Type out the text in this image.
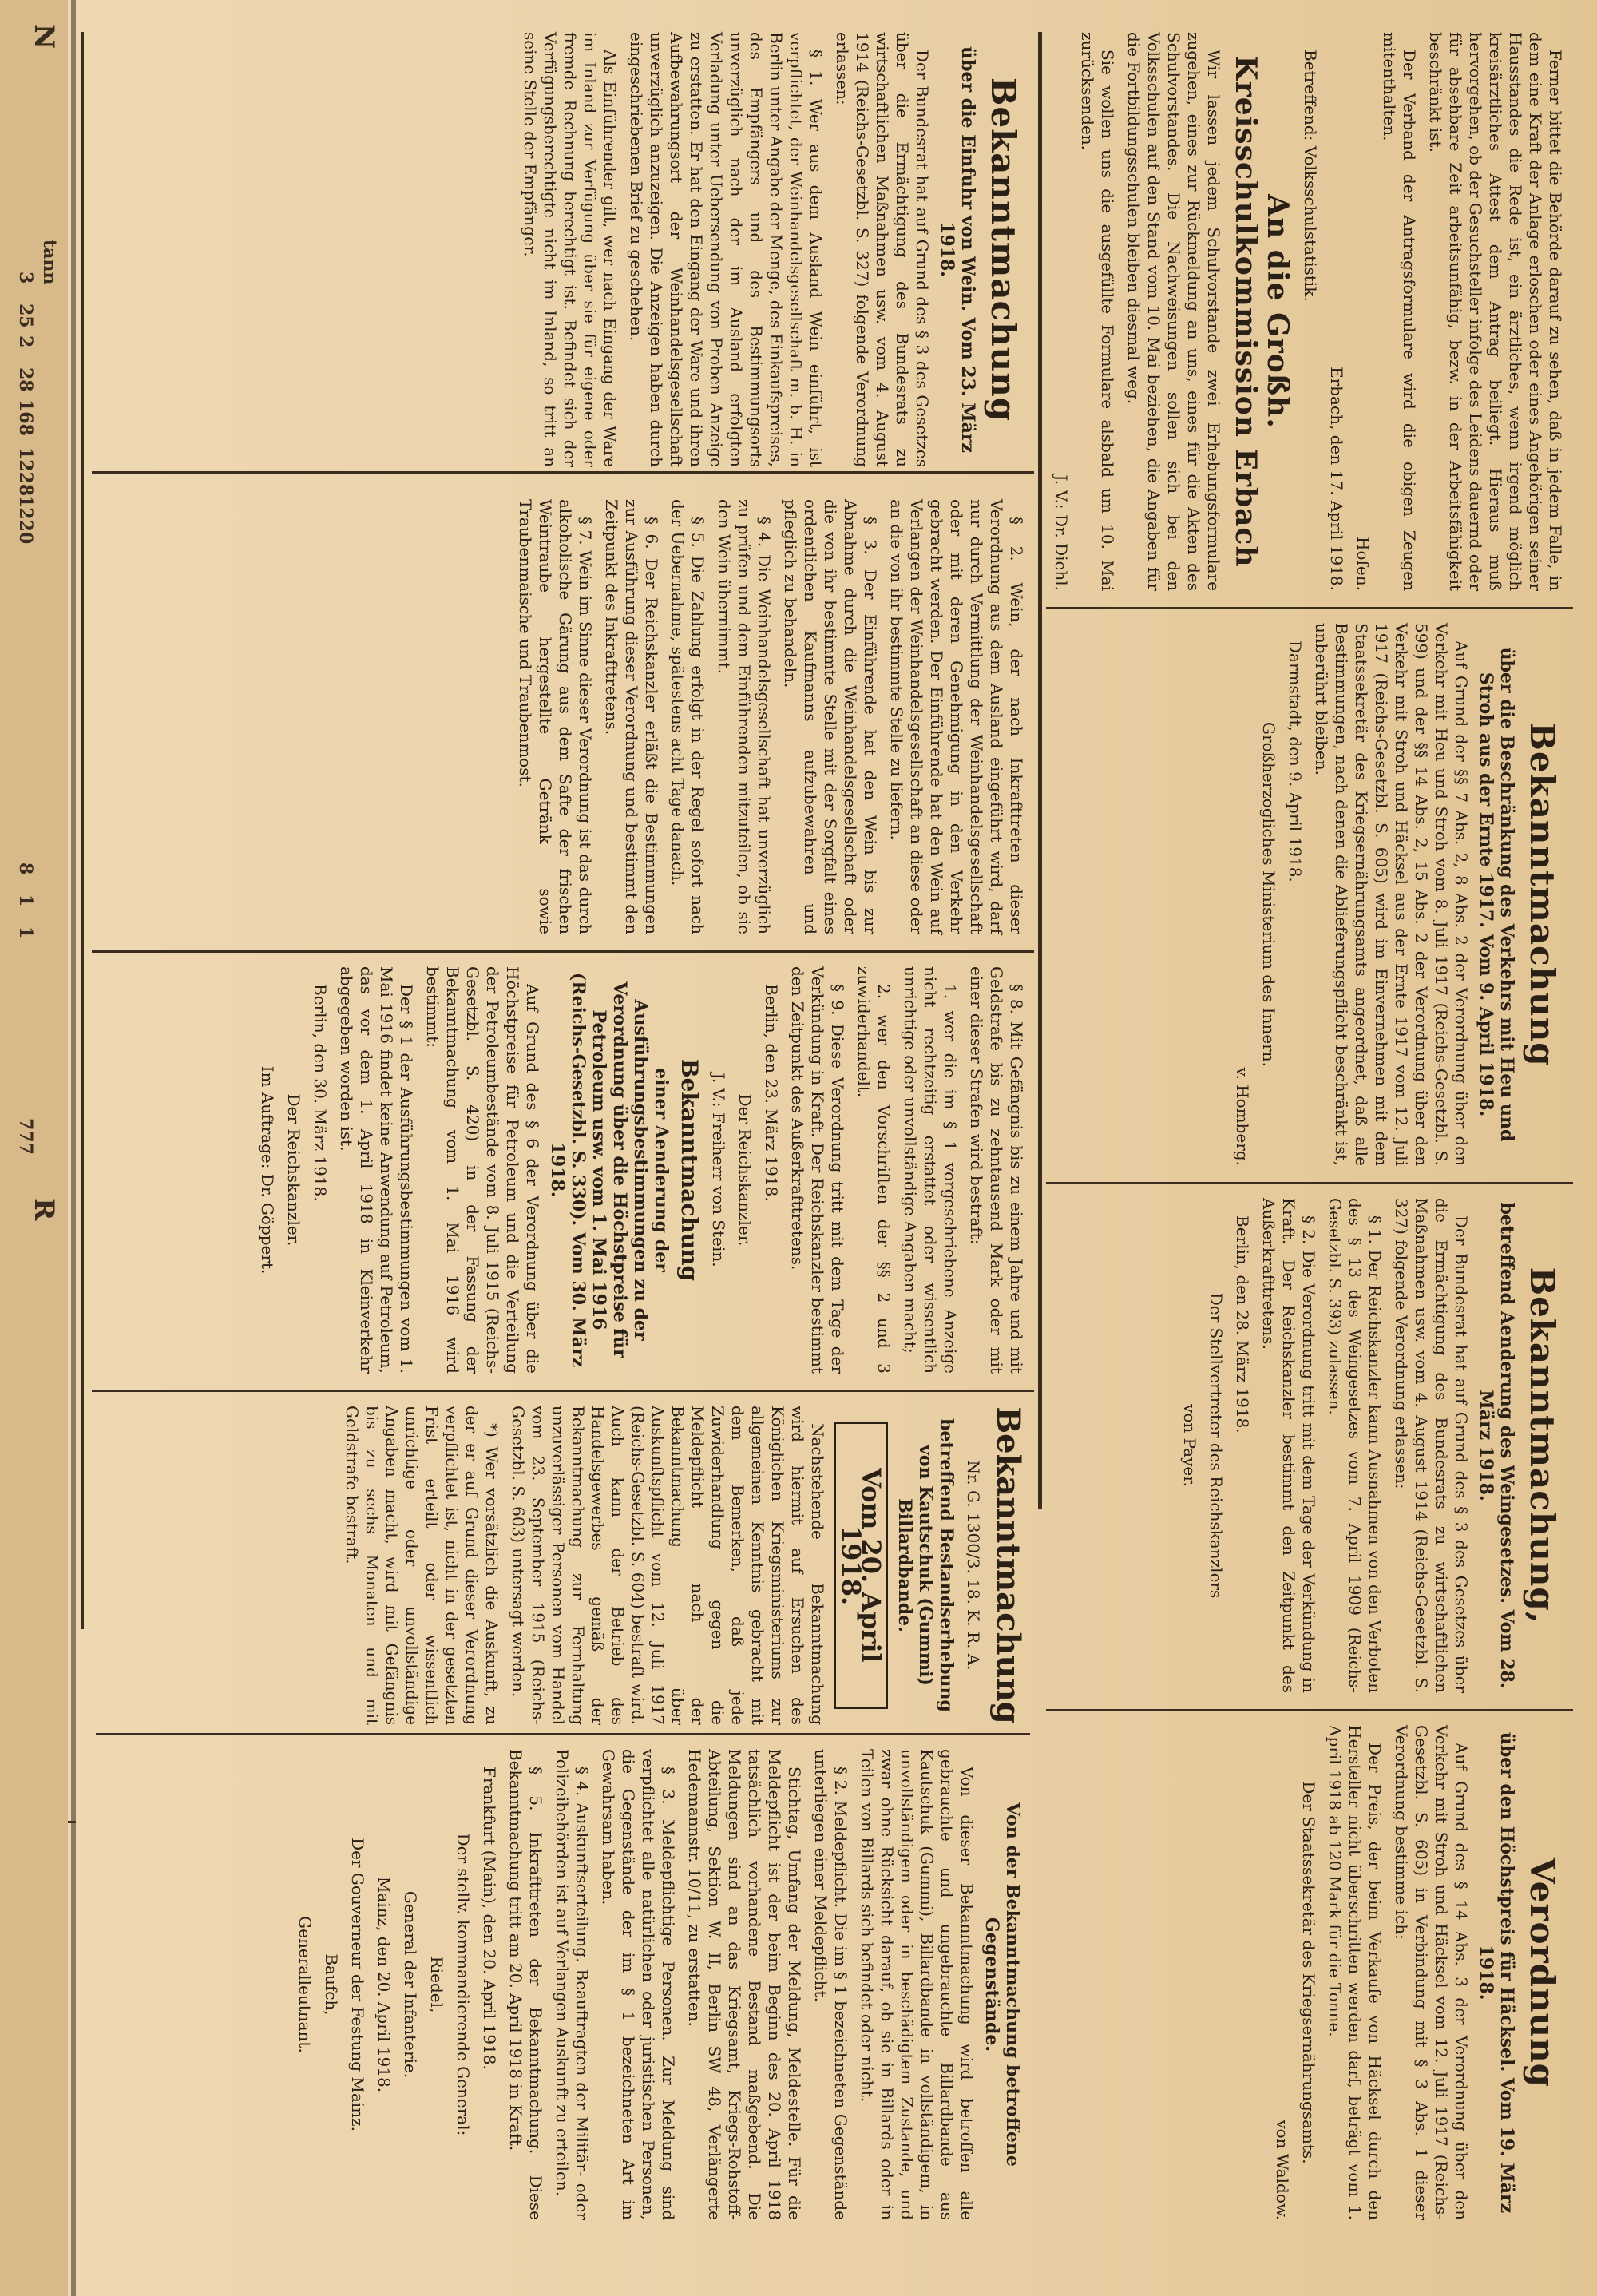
Ferner bittet die Behörde darauf zu sehen, daß in jedem Falle, in dem eine Kraft der Anlage erloschen oder eines Angehörigen seiner Hausstandes die Rede ist, ein ärztliches, wenn irgend möglich kreisärztliches Attest dem Antrag beiliegt. Hieraus muß hervorgehen, ob der Gesuchsteller infolge des Leidens dauernd oder für absehbare Zeit arbeitsunfähig, bezw. in der Arbeitsfähigkeit beschränkt ist.

Der Verband der Antragsformulare wird die obigen Zeugen mitenthalten.

Hofen.

Erbach, den 17. April 1918.

Betreffend: Volksschulstatistik.

An die Großh. Kreisschulkommission Erbach

Wir lassen jedem Schulvorstande zwei Erhebungsformulare zugehen, eines zur Rückmeldung an uns, eines für die Akten des Schulvorstandes. Die Nachweisungen sollen sich bei den Volksschulen auf den Stand vom 10. Mai beziehen, die Angaben für die Fortbildungsschulen bleiben diesmal weg.

Sie wollen uns die ausgefüllte Formulare alsbald um 10. Mai zurücksenden.

J. V.: Dr. Diehl.

Bekanntmachung
über die Beschränkung des Verkehrs mit Heu und Stroh aus der Ernte 1917. Vom 9. April 1918.

Auf Grund der §§ 7 Abs. 2, 8 Abs. 2 der Verordnung über den Verkehr mit Heu und Stroh vom 8. Juli 1917 (Reichs-Gesetzbl. S. 599) und der §§ 14 Abs. 2, 15 Abs. 2 der Verordnung über den Verkehr mit Stroh und Häcksel aus der Ernte 1917 vom 12. Juli 1917 (Reichs-Gesetzbl. S. 605) wird im Einvernehmen mit dem Staatssekretär des Kriegsernährungsamts angeordnet, daß alle Bestimmungen, nach denen die Ablieferungspflicht beschränkt ist, unberührt bleiben.

Darmstadt, den 9. April 1918.

Großherzogliches Ministerium des Innern.

v. Homberg.

Bekanntmachung,
betreffend Aenderung des Weingesetzes. Vom 28. März 1918.

Der Bundesrat hat auf Grund des § 3 des Gesetzes über die Ermächtigung des Bundesrats zu wirtschaftlichen Maßnahmen usw. vom 4. August 1914 (Reichs-Gesetzbl. S. 327) folgende Verordnung erlassen:

§ 1. Der Reichskanzler kann Ausnahmen von den Verboten des § 13 des Weingesetzes vom 7. April 1909 (Reichs-Gesetzbl. S. 393) zulassen.

§ 2. Die Verordnung tritt mit dem Tage der Verkündung in Kraft. Der Reichskanzler bestimmt den Zeitpunkt des Außerkrafttretens.

Berlin, den 28. März 1918.

Der Stellvertreter des Reichskanzlers

von Payer.

Verordnung
über den Höchstpreis für Häcksel. Vom 19. März 1918.

Auf Grund des § 14 Abs. 3 der Verordnung über den Verkehr mit Stroh und Häcksel vom 12. Juli 1917 (Reichs-Gesetzbl. S. 605) in Verbindung mit § 3 Abs. 1 dieser Verordnung bestimme ich:

Der Preis, der beim Verkaufe von Häcksel durch den Hersteller nicht überschritten werden darf, beträgt vom 1. April 1918 ab 120 Mark für die Tonne.

Der Staatssekretär des Kriegsernährungsamts.

von Waldow.

Bekanntmachung
über die Einfuhr von Wein. Vom 23. März 1918.

Der Bundesrat hat auf Grund des § 3 des Gesetzes über die Ermächtigung des Bundesrats zu wirtschaftlichen Maßnahmen usw. vom 4. August 1914 (Reichs-Gesetzbl. S. 327) folgende Verordnung erlassen:

§ 1. Wer aus dem Ausland Wein einführt, ist verpflichtet, der Weinhandelsgesellschaft m. b. H. in Berlin unter Angabe der Menge, des Einkaufspreises, des Empfängers und des Bestimmungsorts unverzüglich nach der im Ausland erfolgten Verladung unter Uebersendung von Proben Anzeige zu erstatten. Er hat den Eingang der Ware und ihren Aufbewahrungsort der Weinhandelsgesellschaft unverzüglich anzuzeigen. Die Anzeigen haben durch eingeschriebenen Brief zu geschehen.

Als Einführender gilt, wer nach Eingang der Ware im Inland zur Verfügung über sie für eigene oder fremde Rechnung berechtigt ist. Befindet sich der Verfügungsberechtigte nicht im Inland, so tritt an seine Stelle der Empfänger.

§ 2. Wein, der nach Inkrafttreten dieser Verordnung aus dem Ausland eingeführt wird, darf nur durch Vermittlung der Weinhandelsgesellschaft oder mit deren Genehmigung in den Verkehr gebracht werden. Der Einführende hat den Wein auf Verlangen der Weinhandelsgesellschaft an diese oder an die von ihr bestimmte Stelle zu liefern.

§ 3. Der Einführende hat den Wein bis zur Abnahme durch die Weinhandelsgesellschaft oder die von ihr bestimmte Stelle mit der Sorgfalt eines ordentlichen Kaufmanns aufzubewahren und pfleglich zu behandeln.

§ 4. Die Weinhandelsgesellschaft hat unverzüglich zu prüfen und dem Einführenden mitzuteilen, ob sie den Wein übernimmt.

§ 5. Die Zahlung erfolgt in der Regel sofort nach der Uebernahme, spätestens acht Tage danach.

§ 6. Der Reichskanzler erläßt die Bestimmungen zur Ausführung dieser Verordnung und bestimmt den Zeitpunkt des Inkrafttretens.

§ 7. Wein im Sinne dieser Verordnung ist das durch alkoholische Gärung aus dem Safte der frischen Weintraube hergestellte Getränk sowie Traubenmaische und Traubenmost.

§ 8. Mit Gefängnis bis zu einem Jahre und mit Geldstrafe bis zu zehntausend Mark oder mit einer dieser Strafen wird bestraft:

1. wer die im § 1 vorgeschriebene Anzeige nicht rechtzeitig erstattet oder wissentlich unrichtige oder unvollständige Angaben macht;

2. wer den Vorschriften der §§ 2 und 3 zuwiderhandelt.

§ 9. Diese Verordnung tritt mit dem Tage der Verkündung in Kraft. Der Reichskanzler bestimmt den Zeitpunkt des Außerkrafttretens.

Berlin, den 23. März 1918.

Der Reichskanzler.

J. V.: Freiherr von Stein.

Bekanntmachung
einer Aenderung der Ausführungsbestimmungen zu der Verordnung über die Höchstpreise für Petroleum usw. vom 1. Mai 1916 (Reichs-Gesetzbl. S. 330). Vom 30. März 1918.

Auf Grund des § 6 der Verordnung über die Höchstpreise für Petroleum und die Verteilung der Petroleumbestände vom 8. Juli 1915 (Reichs-Gesetzbl. S. 420) in der Fassung der Bekanntmachung vom 1. Mai 1916 wird bestimmt:

Der § 1 der Ausführungsbestimmungen vom 1. Mai 1916 findet keine Anwendung auf Petroleum, das vor dem 1. April 1918 in Kleinverkehr abgegeben worden ist.

Berlin, den 30. März 1918.

Der Reichskanzler.

Im Auftrage: Dr. Göppert.

Bekanntmachung

Nr. G. 1300/3. 18. K. R. A.

betreffend Bestandserhebung von Kautschuk (Gummi) Billardbande.
Vom 20. April 1918.

Nachstehende Bekanntmachung wird hiermit auf Ersuchen des Königlichen Kriegsministeriums zur allgemeinen Kenntnis gebracht mit dem Bemerken, daß jede Zuwiderhandlung gegen die Meldepflicht nach der Bekanntmachung über Auskunftspflicht vom 12. Juli 1917 (Reichs-Gesetzbl. S. 604) bestraft wird. Auch kann der Betrieb des Handelsgewerbes gemäß der Bekanntmachung zur Fernhaltung unzuverlässiger Personen vom Handel vom 23. September 1915 (Reichs-Gesetzbl. S. 603) untersagt werden.

*) Wer vorsätzlich die Auskunft, zu der er auf Grund dieser Verordnung verpflichtet ist, nicht in der gesetzten Frist erteilt oder wissentlich unrichtige oder unvollständige Angaben macht, wird mit Gefängnis bis zu sechs Monaten und mit Geldstrafe bestraft.

Von der Bekanntmachung betroffene Gegenstände.

Von dieser Bekanntmachung wird betroffen alle gebrauchte und ungebrauchte Billardbande aus Kautschuk (Gummi), Billardbande in vollständigem, in unvollständigem oder in beschädigtem Zustande, und zwar ohne Rücksicht darauf, ob sie in Billards oder in Teilen von Billards sich befindet oder nicht.

§ 2. Meldepflicht. Die im § 1 bezeichneten Gegenstände unterliegen einer Meldepflicht.

Stichtag, Umfang der Meldung, Meldestelle. Für die Meldepflicht ist der beim Beginn des 20. April 1918 tatsächlich vorhandene Bestand maßgebend. Die Meldungen sind an das Kriegsamt, Kriegs-Rohstoff-Abteilung, Sektion W. II, Berlin SW 48, Verlängerte Hedemannstr. 10/11, zu erstatten.

§ 3. Meldepflichtige Personen. Zur Meldung sind verpflichtet alle natürlichen oder juristischen Personen, die Gegenstände der im § 1 bezeichneten Art im Gewahrsam haben.

§ 4. Auskunftserteilung. Beauftragten der Militär- oder Polizeibehörden ist auf Verlangen Auskunft zu erteilen.

§ 5. Inkrafttreten der Bekanntmachung. Diese Bekanntmachung tritt am 20. April 1918 in Kraft.

Frankfurt (Main), den 20. April 1918.

Der stellv. kommandierende General:

Riedel,

General der Infanterie.

Mainz, den 20. April 1918.

Der Gouverneur der Festung Mainz.

Baufch,

Generalleutnant.

N
tann
3
25
2
28
168
1228
1220
8
1
1
777
R
